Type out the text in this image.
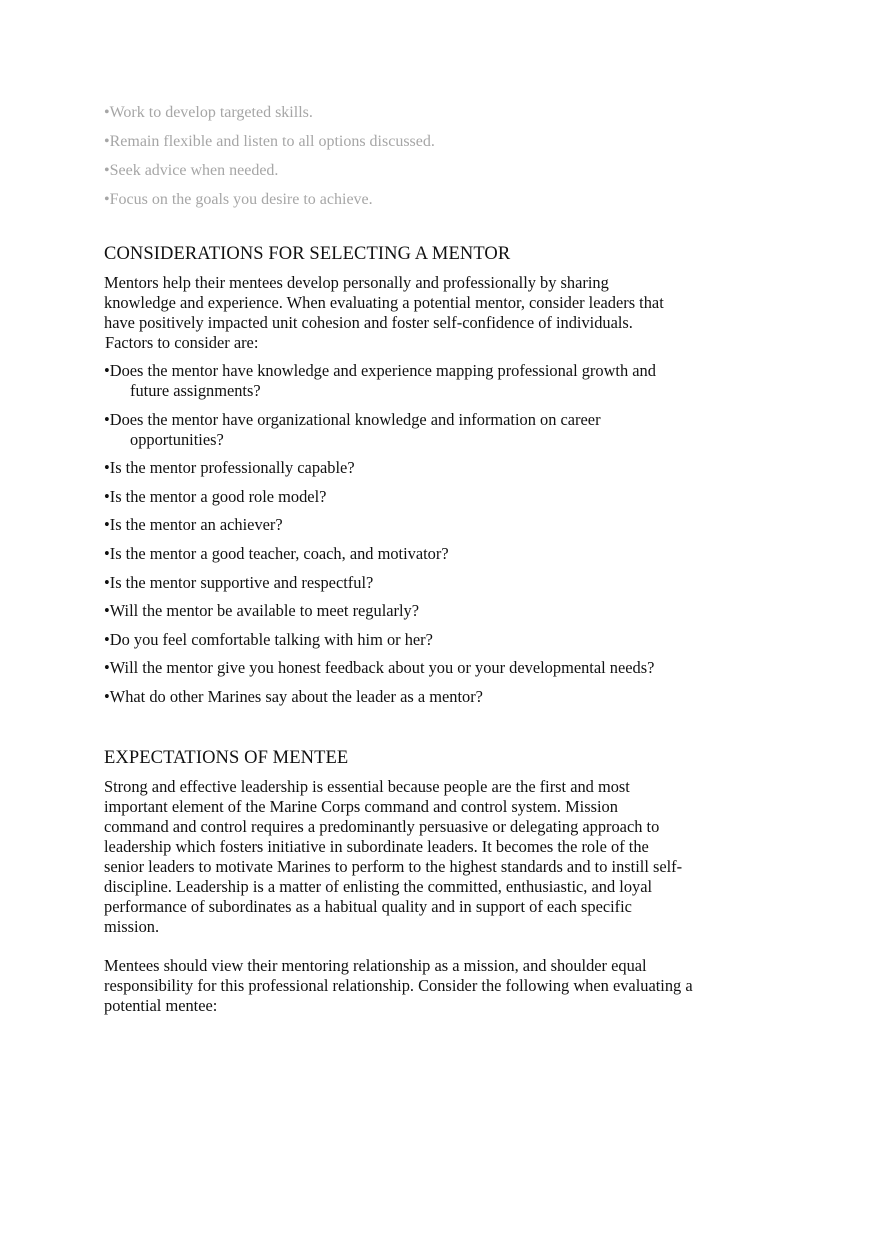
•Work to develop targeted skills.
•Remain flexible and listen to all options discussed.
•Seek advice when needed.
•Focus on the goals you desire to achieve.
CONSIDERATIONS FOR SELECTING A MENTOR

Mentors help their mentees develop personally and professionally by sharing
knowledge and experience. When evaluating a potential mentor, consider leaders that
have positively impacted unit cohesion and foster self-confidence of individuals.
Factors to consider are:

•Does the mentor have knowledge and experience mapping professional growth and
future assignments?
•Does the mentor have organizational knowledge and information on career
opportunities?
•Is the mentor professionally capable?
•Is the mentor a good role model?
•Is the mentor an achiever?
•Is the mentor a good teacher, coach, and motivator?
•Is the mentor supportive and respectful?
•Will the mentor be available to meet regularly?
•Do you feel comfortable talking with him or her?
•Will the mentor give you honest feedback about you or your developmental needs?
•What do other Marines say about the leader as a mentor?
EXPECTATIONS OF MENTEE

Strong and effective leadership is essential because people are the first and most
important element of the Marine Corps command and control system. Mission
command and control requires a predominantly persuasive or delegating approach to
leadership which fosters initiative in subordinate leaders. It becomes the role of the
senior leaders to motivate Marines to perform to the highest standards and to instill self-
discipline. Leadership is a matter of enlisting the committed, enthusiastic, and loyal
performance of subordinates as a habitual quality and in support of each specific
mission.

Mentees should view their mentoring relationship as a mission, and shoulder equal
responsibility for this professional relationship. Consider the following when evaluating a
potential mentee:
